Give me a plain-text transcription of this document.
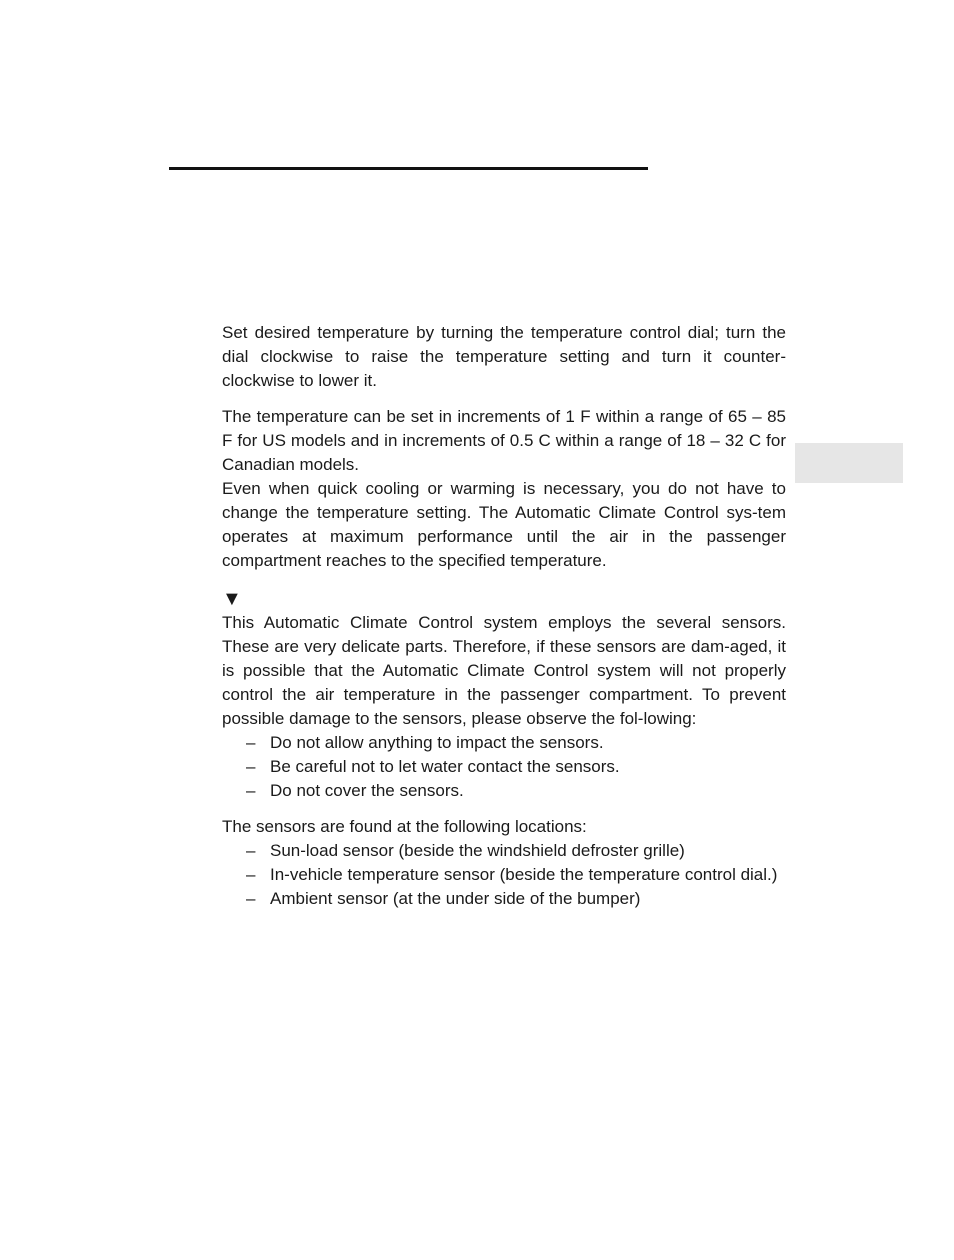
Set desired temperature by turning the temperature control dial; turn the dial clockwise to raise the temperature setting and turn it counter-clockwise to lower it.

The temperature can be set in increments of 1 F within a range of 65 – 85 F for US models and in increments of 0.5 C within a range of 18 – 32 C for Canadian models.

Even when quick cooling or warming is necessary, you do not have to change the temperature setting. The Automatic Climate Control sys-tem operates at maximum performance until the air in the passenger compartment reaches to the specified temperature.

▼

This Automatic Climate Control system employs the several sensors. These are very delicate parts. Therefore, if these sensors are dam-aged, it is possible that the Automatic Climate Control system will not properly control the air temperature in the passenger compartment. To prevent possible damage to the sensors, please observe the fol-lowing:

– Do not allow anything to impact the sensors.

– Be careful not to let water contact the sensors.

– Do not cover the sensors.

The sensors are found at the following locations:

– Sun-load sensor (beside the windshield defroster grille)

– In-vehicle temperature sensor (beside the temperature control dial.)

– Ambient sensor (at the under side of the bumper)
